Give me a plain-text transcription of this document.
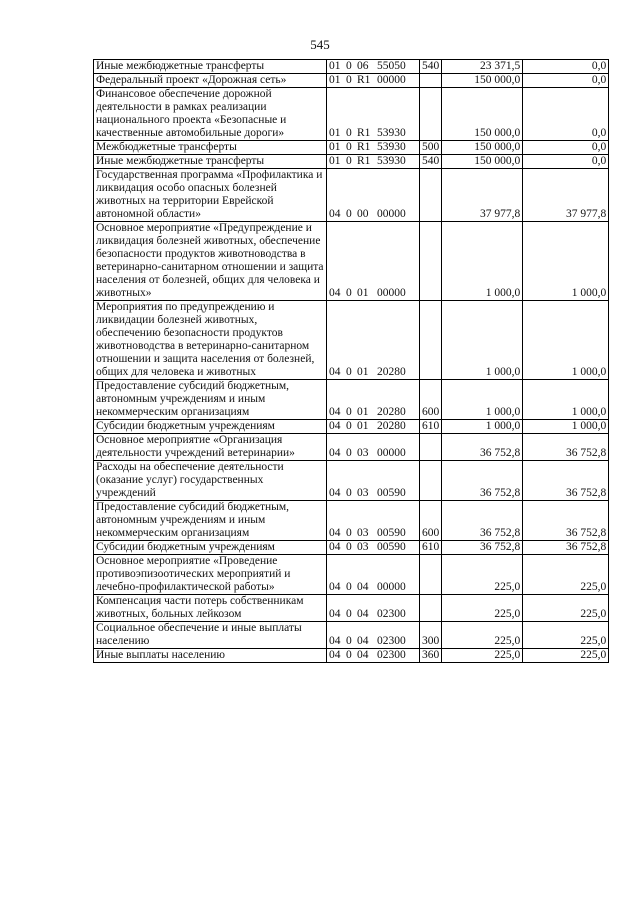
545
Иные межбюджетные трансферты	01 0 06 55050	540	23 371,5	0,0
Федеральный проект «Дорожная сеть»	01 0 R1 00000		150 000,0	0,0
Финансовое обеспечение дорожной деятельности в рамках реализации национального проекта «Безопасные и качественные автомобильные дороги»	01 0 R1 53930		150 000,0	0,0
Межбюджетные трансферты	01 0 R1 53930	500	150 000,0	0,0
Иные межбюджетные трансферты	01 0 R1 53930	540	150 000,0	0,0
Государственная программа «Профилактика и ликвидация особо опасных болезней животных на территории Еврейской автономной области»	04 0 00 00000		37 977,8	37 977,8
Основное мероприятие «Предупреждение и ликвидация болезней животных, обеспечение безопасности продуктов животноводства в ветеринарно-санитарном отношении и защита населения от болезней, общих для человека и животных»	04 0 01 00000		1 000,0	1 000,0
Мероприятия по предупреждению и ликвидации болезней животных, обеспечению безопасности продуктов животноводства в ветеринарно-санитарном отношении и защита населения от болезней, общих для человека и животных	04 0 01 20280		1 000,0	1 000,0
Предоставление субсидий бюджетным, автономным учреждениям и иным некоммерческим организациям	04 0 01 20280	600	1 000,0	1 000,0
Субсидии бюджетным учреждениям	04 0 01 20280	610	1 000,0	1 000,0
Основное мероприятие «Организация деятельности учреждений ветеринарии»	04 0 03 00000		36 752,8	36 752,8
Расходы на обеспечение деятельности (оказание услуг) государственных учреждений	04 0 03 00590		36 752,8	36 752,8
Предоставление субсидий бюджетным, автономным учреждениям и иным некоммерческим организациям	04 0 03 00590	600	36 752,8	36 752,8
Субсидии бюджетным учреждениям	04 0 03 00590	610	36 752,8	36 752,8
Основное мероприятие «Проведение противоэпизоотических мероприятий и лечебно-профилактической работы»	04 0 04 00000		225,0	225,0
Компенсация части потерь собственникам животных, больных лейкозом	04 0 04 02300		225,0	225,0
Социальное обеспечение и иные выплаты населению	04 0 04 02300	300	225,0	225,0
Иные выплаты населению	04 0 04 02300	360	225,0	225,0
